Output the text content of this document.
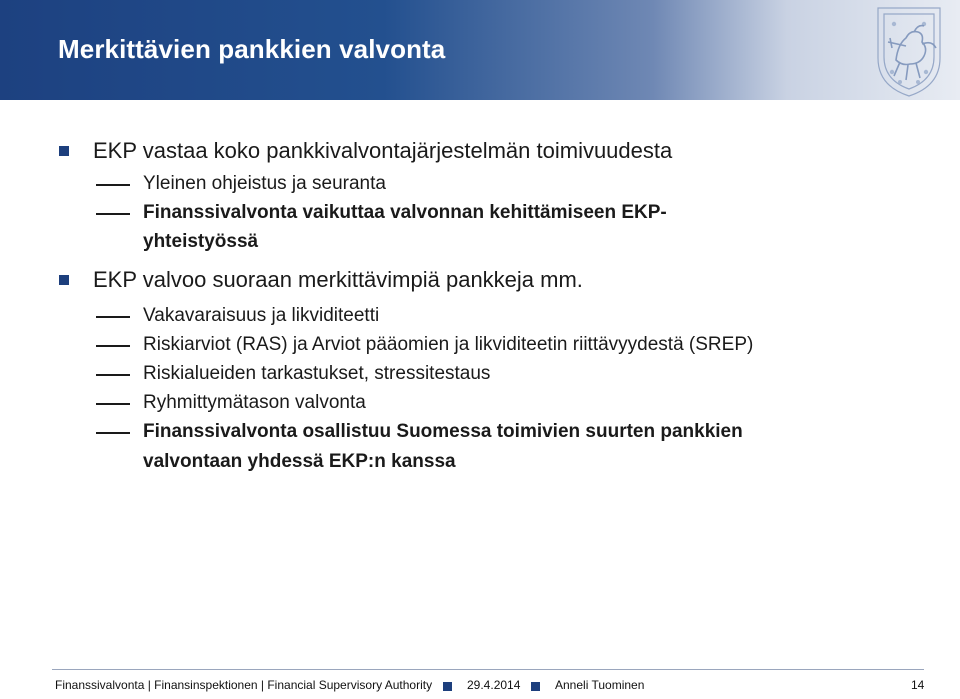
Merkittävien pankkien valvonta
EKP vastaa koko pankkivalvontajärjestelmän toimivuudesta
Yleinen ohjeistus ja seuranta
Finanssivalvonta vaikuttaa valvonnan kehittämiseen EKP-
yhteistyössä
EKP valvoo suoraan merkittävimpiä pankkeja mm.
Vakavaraisuus ja likviditeetti
Riskiarviot (RAS) ja Arviot pääomien ja likviditeetin riittävyydestä (SREP)
Riskialueiden tarkastukset, stressitestaus
Ryhmittymätason valvonta
Finanssivalvonta osallistuu Suomessa toimivien suurten pankkien
valvontaan yhdessä EKP:n kanssa
Finanssivalvonta | Finansinspektionen | Financial Supervisory Authority	29.4.2014	Anneli Tuominen	14
